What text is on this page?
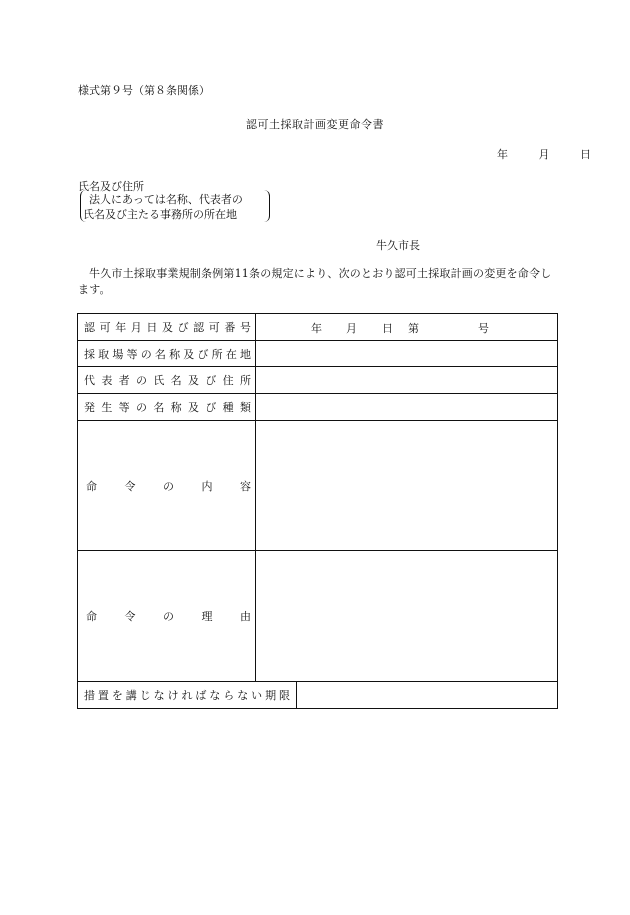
様式第９号（第８条関係）
認可土採取計画変更命令書
年	月	日
氏名及び住所
法人にあっては名称、代表者の
氏名及び主たる事務所の所在地
牛久市長
牛久市土採取事業規制条例第11条の規定により、次のとおり認可土採取計画の変更を命令します。
認可年月日及び認可番号	年 月 日 第 号

採取場等の名称及び所在地	
代表者の氏名及び住所	
発生等の名称及び種類	
命令の内容	
命令の理由	

措置を講じなければならない期限	
